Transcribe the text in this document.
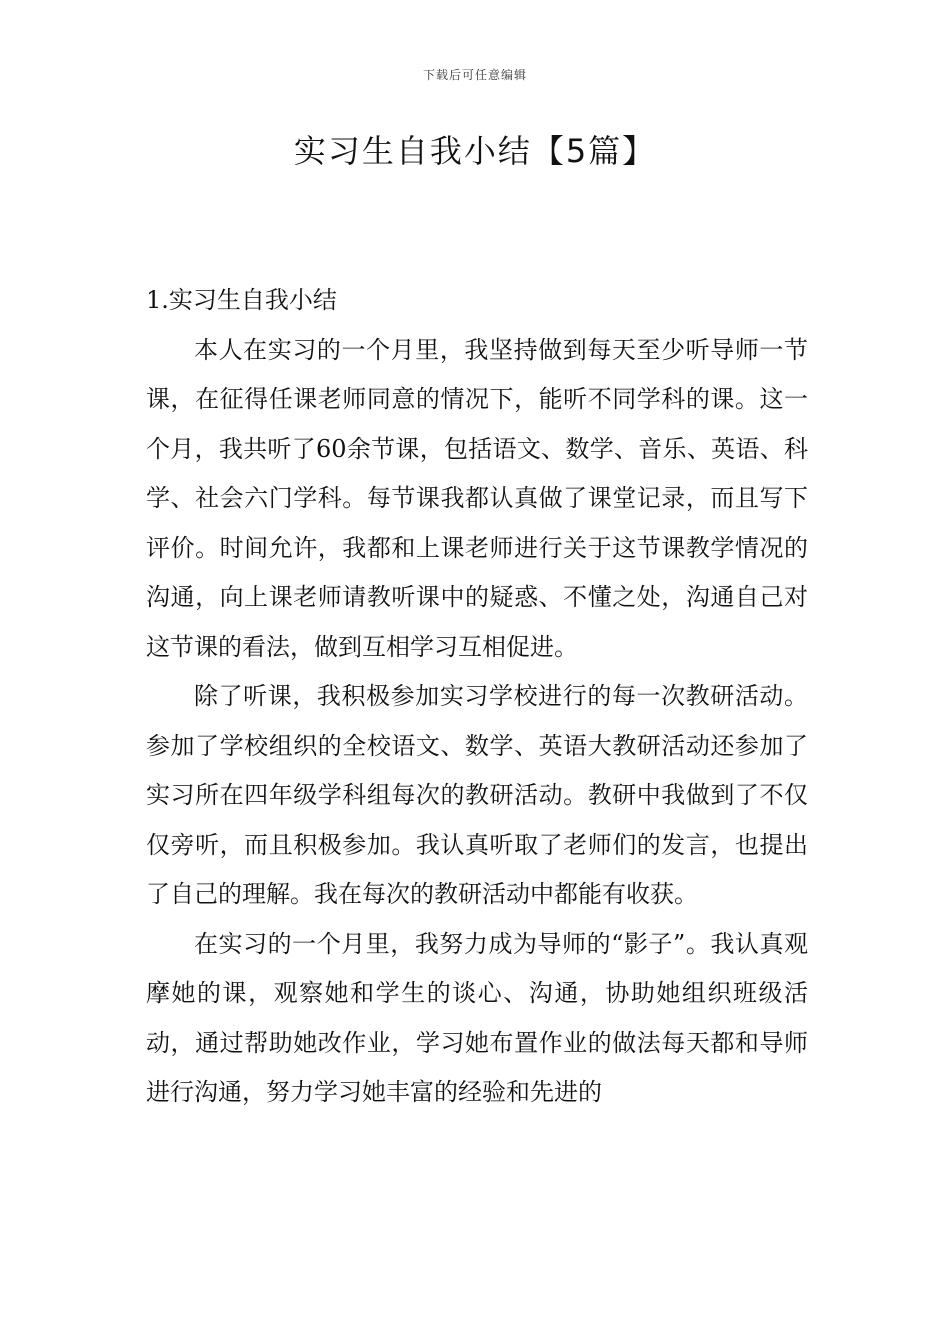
下载后可任意编辑
实习生自我小结【5篇】
1.实习生自我小结

本人在实习的一个月里，我坚持做到每天至少听导师一节课，在征得任课老师同意的情况下，能听不同学科的课。这一个月，我共听了60余节课，包括语文、数学、音乐、英语、科学、社会六门学科。每节课我都认真做了课堂记录，而且写下评价。时间允许，我都和上课老师进行关于这节课教学情况的沟通，向上课老师请教听课中的疑惑、不懂之处，沟通自己对这节课的看法，做到互相学习互相促进。

除了听课，我积极参加实习学校进行的每一次教研活动。参加了学校组织的全校语文、数学、英语大教研活动还参加了实习所在四年级学科组每次的教研活动。教研中我做到了不仅仅旁听，而且积极参加。我认真听取了老师们的发言，也提出了自己的理解。我在每次的教研活动中都能有收获。

在实习的一个月里，我努力成为导师的“影子”。我认真观摩她的课，观察她和学生的谈心、沟通，协助她组织班级活动，通过帮助她改作业，学习她布置作业的做法每天都和导师进行沟通，努力学习她丰富的经验和先进的
